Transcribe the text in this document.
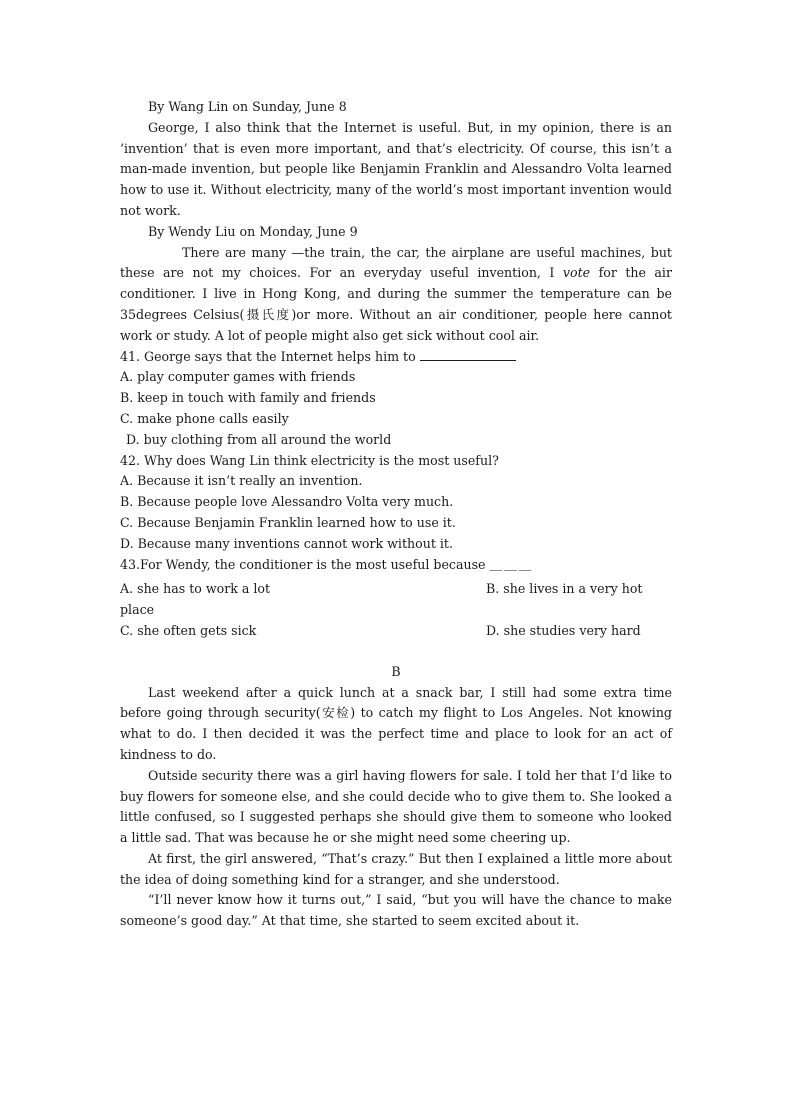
By Wang Lin on Sunday, June 8

George, I also think that the Internet is useful. But, in my opinion, there is an ‘invention’ that is even more important, and that’s electricity. Of course, this isn’t a man-made invention, but people like Benjamin Franklin and Alessandro Volta learned how to use it. Without electricity, many of the world’s most important invention would not work.

By Wendy Liu on Monday, June 9

There are many —the train, the car, the airplane are useful machines, but these are not my choices. For an everyday useful invention, I vote for the air conditioner. I live in Hong Kong, and during the summer the temperature can be 35degrees Celsius(摄氏度)or more. Without an air conditioner, people here cannot work or study. A lot of people might also get sick without cool air.

41. George says that the Internet helps him to

A. play computer games with friends

B. keep in touch with family and friends

C. make phone calls easily

D. buy clothing from all around the world

42. Why does Wang Lin think electricity is the most useful?

A. Because it isn’t really an invention.

B. Because people love Alessandro Volta very much.

C. Because Benjamin Franklin learned how to use it.

D. Because many inventions cannot work without it.

43.For Wendy, the conditioner is the most useful because ＿＿＿

A. she has to work a lot	B. she lives in a very hot

place

C. she often gets sick	D. she studies very hard

B

Last weekend after a quick lunch at a snack bar, I still had some extra time before going through security(安检) to catch my flight to Los Angeles. Not knowing what to do. I then decided it was the perfect time and place to look for an act of kindness to do.

Outside security there was a girl having flowers for sale. I told her that I’d like to buy flowers for someone else, and she could decide who to give them to. She looked a little confused, so I suggested perhaps she should give them to someone who looked a little sad. That was because he or she might need some cheering up.

At first, the girl answered, “That’s crazy.” But then I explained a little more about the idea of doing something kind for a stranger, and she understood.

“I’ll never know how it turns out,” I said, “but you will have the chance to make someone’s good day.” At that time, she started to seem excited about it.
